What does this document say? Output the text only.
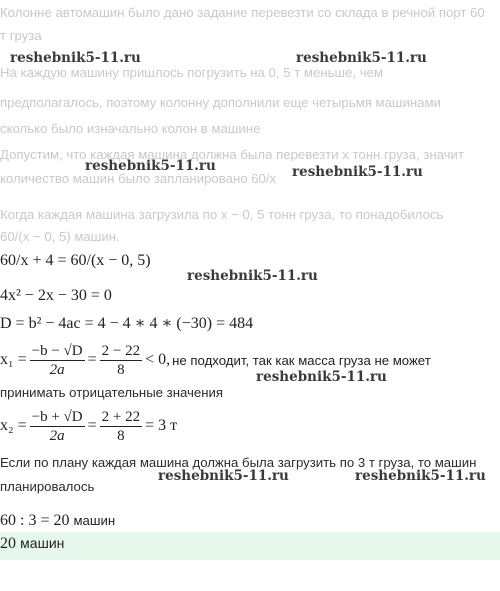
Колонне автомашин было дано задание перевезти со склада в речной порт 60
т груза
На каждую машину пришлось погрузить на 0, 5 т меньше, чем
предполагалось, поэтому колонну дополнили еще четырьмя машинами
сколько было изначально колон в машине
Допустим, что каждая машина должна была перевезти x тонн груза, значит
количество машин было запланировано 60/x
Когда каждая машина загрузила по x − 0, 5 тонн груза, то понадобилось
60/(x − 0, 5) машин.
60/x + 4 = 60/(x − 0, 5)
4x² − 2x − 30 = 0
D = b² − 4ac = 4 − 4 ∗ 4 ∗ (−30) = 484
$x_1 = \frac{-b - √D}{2a} = \frac{2 - 22}{8} < 0$, не подходит, так как масса груза не может
принимать отрицательные значения
$x_2 = \frac{-b + √D}{2a} = \frac{2 + 22}{8} = 3$ т
Если по плану каждая машина должна была загрузить по 3 т груза, то машин
планировалось
60 : 3 = 20 машин
20 машин
reshebnik5-11.ru	reshebnik5-11.ru
reshebnik5-11.ru	reshebnik5-11.ru
reshebnik5-11.ru
reshebnik5-11.ru
reshebnik5-11.ru	reshebnik5-11.ru
